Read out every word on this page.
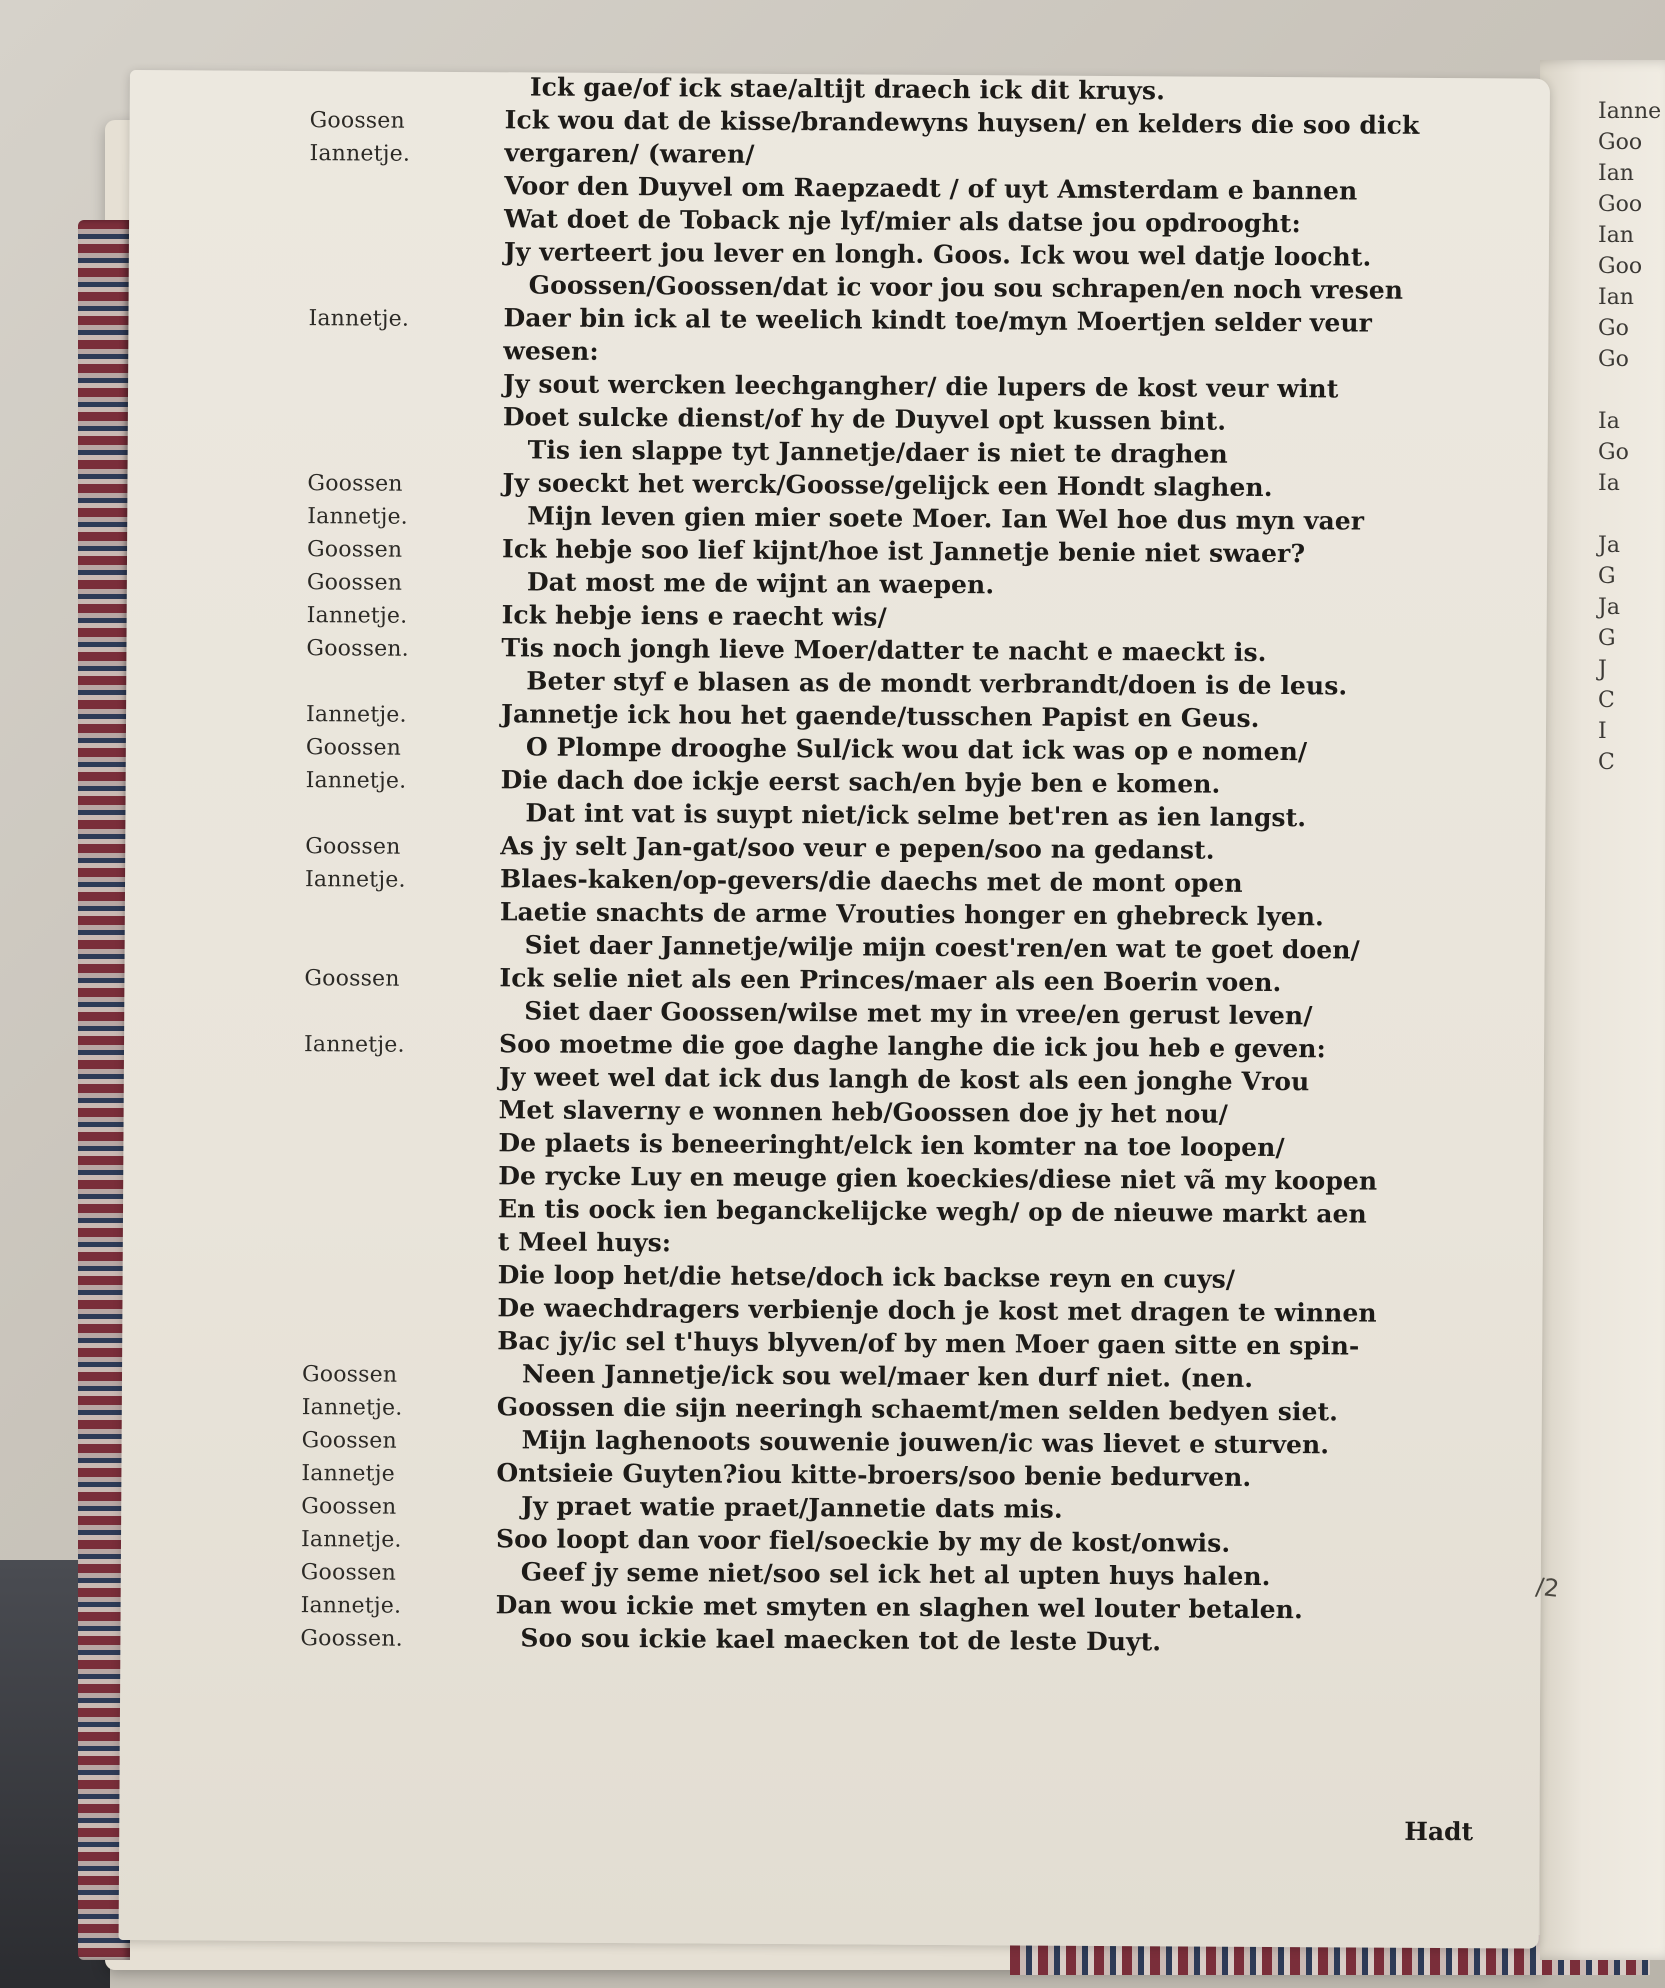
Ianne
Goo
Ian
Goo
Ian
Goo
Ian
Go
Go
Ia
Go
Ia
Ja
G
Ja
G
J
C
I
C
Ick gae/of ick stae/altijt draech ick dit kruys.
Goossen	Ick wou dat de kisse/brandewyns huysen/ en kelders die soo dick
Iannetje.	vergaren/ (waren/
Voor den Duyvel om Raepzaedt / of uyt Amsterdam e bannen
Wat doet de Toback nje lyf/mier als datse jou opdrooght:
Jy verteert jou lever en longh. Goos. Ick wou wel datje loocht.
Goossen/Goossen/dat ic voor jou sou schrapen/en noch vresen
Iannetje.	Daer bin ick al te weelich kindt toe/myn Moertjen selder veur
wesen:
Jy sout wercken leechgangher/ die lupers de kost veur wint
Doet sulcke dienst/of hy de Duyvel opt kussen bint.
Tis ien slappe tyt Jannetje/daer is niet te draghen
Goossen	Jy soeckt het werck/Goosse/gelijck een Hondt slaghen.
Iannetje.	Mijn leven gien mier soete Moer. Ian Wel hoe dus myn vaer
Goossen	Ick hebje soo lief kijnt/hoe ist Jannetje benie niet swaer?
Goossen	Dat most me de wijnt an waepen.
Iannetje.	Ick hebje iens e raecht wis/
Goossen.	Tis noch jongh lieve Moer/datter te nacht e maeckt is.
Beter styf e blasen as de mondt verbrandt/doen is de leus.
Iannetje.	Jannetje ick hou het gaende/tusschen Papist en Geus.
Goossen	O Plompe drooghe Sul/ick wou dat ick was op e nomen/
Iannetje.	Die dach doe ickje eerst sach/en byje ben e komen.
Dat int vat is suypt niet/ick selme bet'ren as ien langst.
Goossen	As jy selt Jan-gat/soo veur e pepen/soo na gedanst.
Iannetje.	Blaes-kaken/op-gevers/die daechs met de mont open
Laetie snachts de arme Vrouties honger en ghebreck lyen.
Siet daer Jannetje/wilje mijn coest'ren/en wat te goet doen/
Goossen	Ick selie niet als een Princes/maer als een Boerin voen.
Siet daer Goossen/wilse met my in vree/en gerust leven/
Iannetje.	Soo moetme die goe daghe langhe die ick jou heb e geven:
Jy weet wel dat ick dus langh de kost als een jonghe Vrou
Met slaverny e wonnen heb/Goossen doe jy het nou/
De plaets is beneeringht/elck ien komter na toe loopen/
De rycke Luy en meuge gien koeckies/diese niet vã my koopen
En tis oock ien beganckelijcke wegh/ op de nieuwe markt aen
t Meel huys:
Die loop het/die hetse/doch ick backse reyn en cuys/
De waechdragers verbienje doch je kost met dragen te winnen
Bac jy/ic sel t'huys blyven/of by men Moer gaen sitte en spin-
Goossen	Neen Jannetje/ick sou wel/maer ken durf niet. (nen.
Iannetje.	Goossen die sijn neeringh schaemt/men selden bedyen siet.
Goossen	Mijn laghenoots souwenie jouwen/ic was lievet e sturven.
Iannetje	Ontsieie Guyten?iou kitte-broers/soo benie bedurven.
Goossen	Jy praet watie praet/Jannetie dats mis.
Iannetje.	Soo loopt dan voor fiel/soeckie by my de kost/onwis.
Goossen	Geef jy seme niet/soo sel ick het al upten huys halen.
Iannetje.	Dan wou ickie met smyten en slaghen wel louter betalen.
Goossen.	Soo sou ickie kael maecken tot de leste Duyt.
Hadt
/2
